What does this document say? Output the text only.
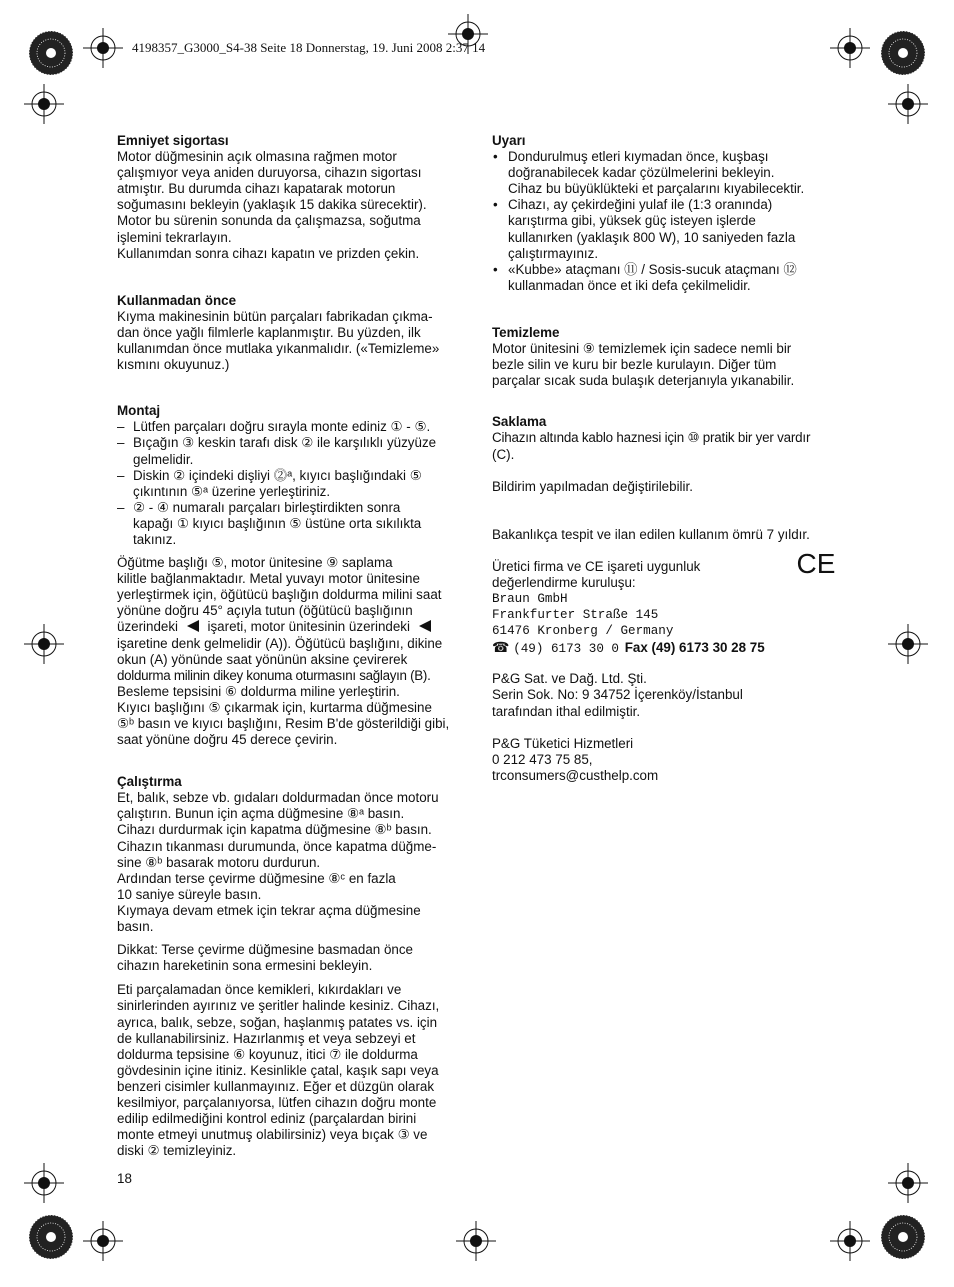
4198357_G3000_S4-38 Seite 18 Donnerstag, 19. Juni 2008 2:37 14
Emniyet sigortası
Motor düğmesinin açık olmasına rağmen motor
çalışmıyor veya aniden duruyorsa, cihazın sigortası
atmıştır. Bu durumda cihazı kapatarak motorun
soğumasını bekleyin (yaklaşık 15 dakika sürecektir).
Motor bu sürenin sonunda da çalışmazsa, soğutma
işlemini tekrarlayın.
Kullanımdan sonra cihazı kapatın ve prizden çekin.
Kullanmadan önce
Kıyma makinesinin bütün parçaları fabrikadan çıkma-
dan önce yağlı filmlerle kaplanmıştır. Bu yüzden, ilk
kullanımdan önce mutlaka yıkanmalıdır. («Temizleme»
kısmını okuyunuz.)
Montaj
– Lütfen parçaları doğru sırayla monte ediniz ① - ⑤.
– Bıçağın ③ keskin tarafı disk ② ile karşılıklı yüzyüze
gelmelidir.
– Diskin ② içindeki dişliyi ⓶ᵃ, kıyıcı başlığındaki ⑤
çıkıntının ⑤ᵃ üzerine yerleştiriniz.
– ② - ④ numaralı parçaları birleştirdikten sonra
kapağı ① kıyıcı başlığının ⑤ üstüne orta sıkılıkta
takınız.
Öğütme başlığı ⑤, motor ünitesine ⑨ saplama
kilitle bağlanmaktadır. Metal yuvayı motor ünitesine
yerleştirmek için, öğütücü başlığın doldurma milini saat
yönüne doğru 45° açıyla tutun (öğütücü başlığının
üzerindeki işareti, motor ünitesinin üzerindeki
işaretine denk gelmelidir (A)). Öğütücü başlığını, dikine
okun (A) yönünde saat yönünün aksine çevirerek
doldurma milinin dikey konuma oturmasını sağlayın (B).
Besleme tepsisini ⑥ doldurma miline yerleştirin.
Kıyıcı başlığını ⑤ çıkarmak için, kurtarma düğmesine
⑤ᵇ basın ve kıyıcı başlığını, Resim B'de gösterildiği gibi,
saat yönüne doğru 45 derece çevirin.
Çalıştırma
Et, balık, sebze vb. gıdaları doldurmadan önce motoru
çalıştırın. Bunun için açma düğmesine ⑧ᵃ basın.
Cihazı durdurmak için kapatma düğmesine ⑧ᵇ basın.
Cihazın tıkanması durumunda, önce kapatma düğme-
sine ⑧ᵇ basarak motoru durdurun.
Ardından terse çevirme düğmesine ⑧ᶜ en fazla
10 saniye süreyle basın.
Kıymaya devam etmek için tekrar açma düğmesine
basın.
Dikkat: Terse çevirme düğmesine basmadan önce
cihazın hareketinin sona ermesini bekleyin.
Eti parçalamadan önce kemikleri, kıkırdakları ve
sinirlerinden ayırınız ve şeritler halinde kesiniz. Cihazı,
ayrıca, balık, sebze, soğan, haşlanmış patates vs. için
de kullanabilirsiniz. Hazırlanmış et veya sebzeyi et
doldurma tepsisine ⑥ koyunuz, itici ⑦ ile doldurma
gövdesinin içine itiniz. Kesinlikle çatal, kaşık sapı veya
benzeri cisimler kullanmayınız. Eğer et düzgün olarak
kesilmiyor, parçalanıyorsa, lütfen cihazın doğru monte
edilip edilmediğini kontrol ediniz (parçalardan birini
monte etmeyi unutmuş olabilirsiniz) veya bıçak ③ ve
diski ② temizleyiniz.
Uyarı
• Dondurulmuş etleri kıymadan önce, kuşbaşı
doğranabilecek kadar çözülmelerini bekleyin.
Cihaz bu büyüklükteki et parçalarını kıyabilecektir.
• Cihazı, ay çekirdeğini yulaf ile (1:3 oranında)
karıştırma gibi, yüksek güç isteyen işlerde
kullanırken (yaklaşık 800 W), 10 saniyeden fazla
çalıştırmayınız.
• «Kubbe» ataçmanı ⑪ / Sosis-sucuk ataçmanı ⑫
kullanmadan önce et iki defa çekilmelidir.
Temizleme
Motor ünitesini ⑨ temizlemek için sadece nemli bir
bezle silin ve kuru bir bezle kurulayın. Diğer tüm
parçalar sıcak suda bulaşık deterjanıyla yıkanabilir.
Saklama
Cihazın altında kablo haznesi için ⑩ pratik bir yer vardır
(C).
Bildirim yapılmadan değiştirilebilir.
Bakanlıkça tespit ve ilan edilen kullanım ömrü 7 yıldır.
Üretici firma ve CE işareti uygunluk
değerlendirme kuruluşu:
Braun GmbH
Frankfurter Straße 145
61476 Kronberg / Germany
☎ (49) 6173 30 0 Fax (49) 6173 30 28 75
P&G Sat. ve Dağ. Ltd. Şti.
Serin Sok. No: 9 34752 İçerenköy/İstanbul
tarafından ithal edilmiştir.
P&G Tüketici Hizmetleri
0 212 473 75 85,
trconsumers@custhelp.com
CE
18
